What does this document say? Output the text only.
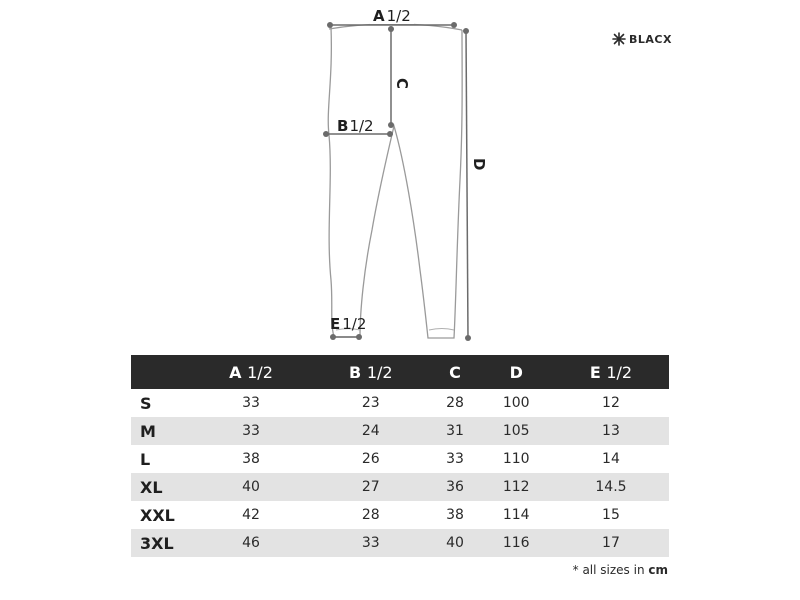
A 1/2
C
B1/2
D
E 1/2
BLACX
	A 1/2	B 1/2	C	D	E 1/2
S	33	23	28	100	12
M	33	24	31	105	13
L	38	26	33	110	14
XL	40	27	36	112	14.5
XXL	42	28	38	114	15
3XL	46	33	40	116	17
* all sizes in cm
